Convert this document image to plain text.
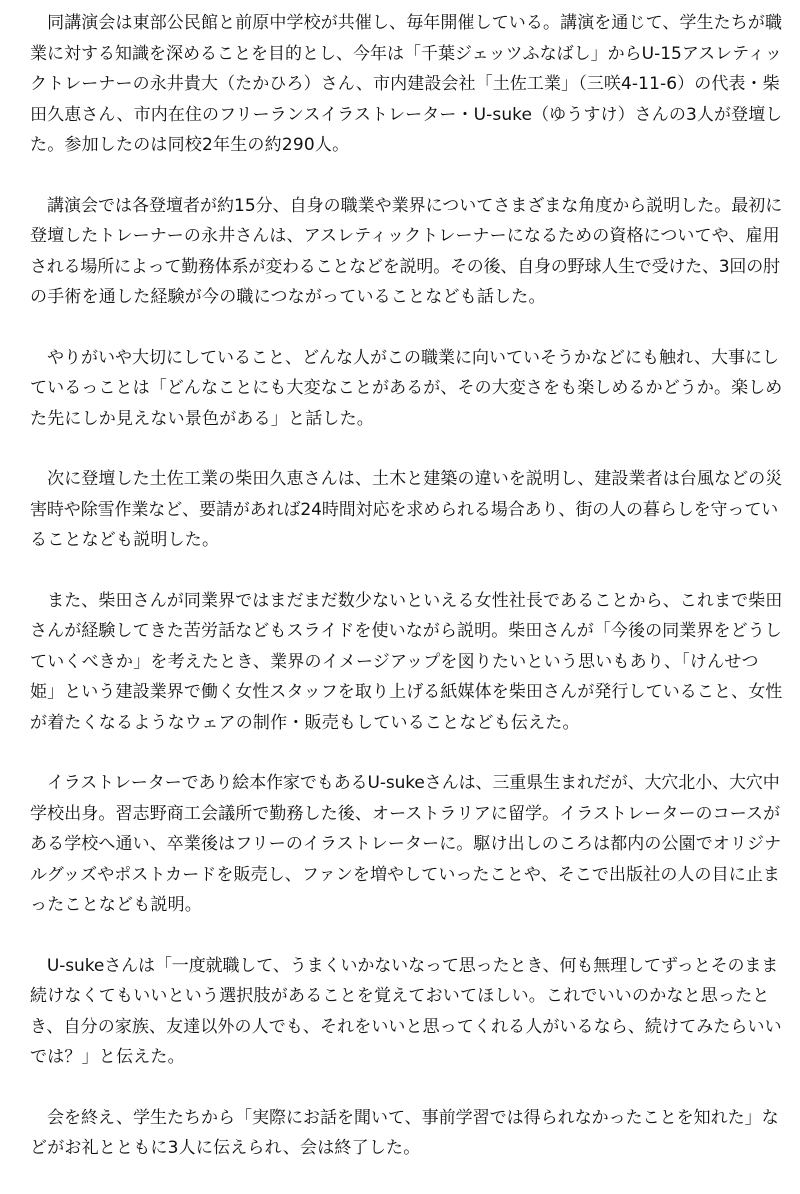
　同講演会は東部公民館と前原中学校が共催し、毎年開催している。講演を通じて、学生たちが職
業に対する知識を深めることを目的とし、今年は「千葉ジェッツふなばし」からU-15アスレティッ
クトレーナーの永井貴大（たかひろ）さん、市内建設会社「土佐工業」（三咲4-11-6）の代表・柴
田久恵さん、市内在住のフリーランスイラストレーター・U-suke（ゆうすけ）さんの3人が登壇し
た。参加したのは同校2年生の約290人。

　講演会では各登壇者が約15分、自身の職業や業界についてさまざまな角度から説明した。最初に
登壇したトレーナーの永井さんは、アスレティックトレーナーになるための資格についてや、雇用
される場所によって勤務体系が変わることなどを説明。その後、自身の野球人生で受けた、3回の肘
の手術を通した経験が今の職につながっていることなども話した。

　やりがいや大切にしていること、どんな人がこの職業に向いていそうかなどにも触れ、大事にし
ているっことは「どんなことにも大変なことがあるが、その大変さをも楽しめるかどうか。楽しめ
た先にしか見えない景色がある」と話した。

　次に登壇した土佐工業の柴田久恵さんは、土木と建築の違いを説明し、建設業者は台風などの災
害時や除雪作業など、要請があれば24時間対応を求められる場合あり、街の人の暮らしを守ってい
ることなども説明した。

　また、柴田さんが同業界ではまだまだ数少ないといえる女性社長であることから、これまで柴田
さんが経験してきた苦労話などもスライドを使いながら説明。柴田さんが「今後の同業界をどうし
ていくべきか」を考えたとき、業界のイメージアップを図りたいという思いもあり、「けんせつ
姫」という建設業界で働く女性スタッフを取り上げる紙媒体を柴田さんが発行していること、女性
が着たくなるようなウェアの制作・販売もしていることなども伝えた。

　イラストレーターであり絵本作家でもあるU-sukeさんは、三重県生まれだが、大穴北小、大穴中
学校出身。習志野商工会議所で勤務した後、オーストラリアに留学。イラストレーターのコースが
ある学校へ通い、卒業後はフリーのイラストレーターに。駆け出しのころは都内の公園でオリジナ
ルグッズやポストカードを販売し、ファンを増やしていったことや、そこで出版社の人の目に止ま
ったことなども説明。

　U-sukeさんは「一度就職して、うまくいかないなって思ったとき、何も無理してずっとそのまま
続けなくてもいいという選択肢があることを覚えておいてほしい。これでいいのかなと思ったと
き、自分の家族、友達以外の人でも、それをいいと思ってくれる人がいるなら、続けてみたらいい
では？」と伝えた。

　会を終え、学生たちから「実際にお話を聞いて、事前学習では得られなかったことを知れた」な
どがお礼とともに3人に伝えられ、会は終了した。
